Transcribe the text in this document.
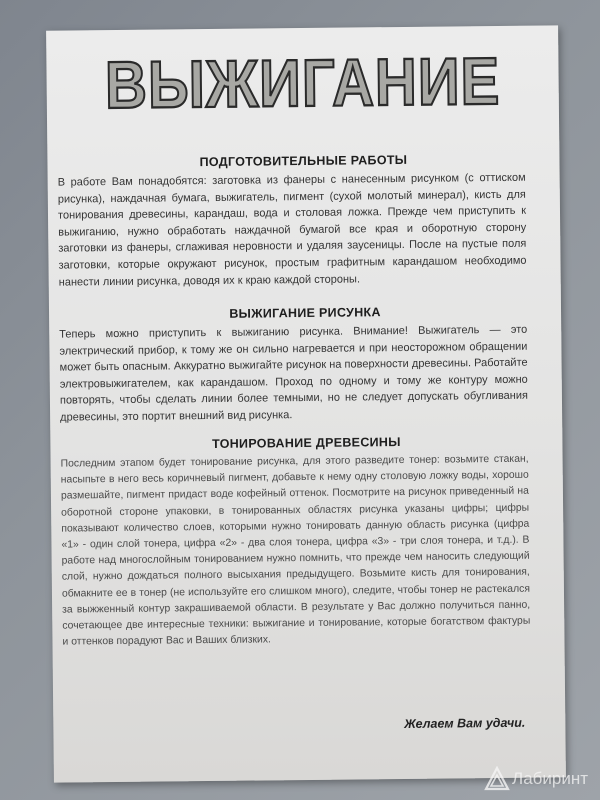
ВЫЖИГАНИЕ
ПОДГОТОВИТЕЛЬНЫЕ РАБОТЫ

В работе Вам понадобятся: заготовка из фанеры с нанесенным рисунком (с оттиском рисунка), наждачная бумага, выжигатель, пигмент (сухой молотый минерал), кисть для тонирования древесины, карандаш, вода и столовая ложка. Прежде чем приступить к выжиганию, нужно обработать наждачной бумагой все края и оборотную сторону заготовки из фанеры, сглаживая неровности и удаляя заусеницы. После на пустые поля заготовки, которые окружают рисунок, простым графитным карандашом необходимо нанести линии рисунка, доводя их к краю каждой стороны.

ВЫЖИГАНИЕ РИСУНКА

Теперь можно приступить к выжиганию рисунка. Внимание! Выжигатель — это электрический прибор, к тому же он сильно нагревается и при неосторожном обращении может быть опасным. Аккуратно выжигайте рисунок на поверхности древесины. Работайте электровыжигателем, как карандашом. Проход по одному и тому же контуру можно повторять, чтобы сделать линии более темными, но не следует допускать обугливания древесины, это портит внешний вид рисунка.

ТОНИРОВАНИЕ ДРЕВЕСИНЫ

Последним этапом будет тонирование рисунка, для этого разведите тонер: возьмите стакан, насыпьте в него весь коричневый пигмент, добавьте к нему одну столовую ложку воды, хорошо размешайте, пигмент придаст воде кофейный оттенок. Посмотрите на рисунок приведенный на оборотной стороне упаковки, в тонированных областях рисунка указаны цифры; цифры показывают количество слоев, которыми нужно тонировать данную область рисунка (цифра «1» - один слой тонера, цифра «2» - два слоя тонера, цифра «3» - три слоя тонера, и т.д.). В работе над многослойным тонированием нужно помнить, что прежде чем наносить следующий слой, нужно дождаться полного высыхания предыдущего. Возьмите кисть для тонирования, обмакните ее в тонер (не используйте его слишком много), следите, чтобы тонер не растекался за выжженный контур закрашиваемой области. В результате у Вас должно получиться панно, сочетающее две интересные техники: выжигание и тонирование, которые богатством фактуры и оттенков порадуют Вас и Ваших близких.

Желаем Вам удачи.
Лабиринт
